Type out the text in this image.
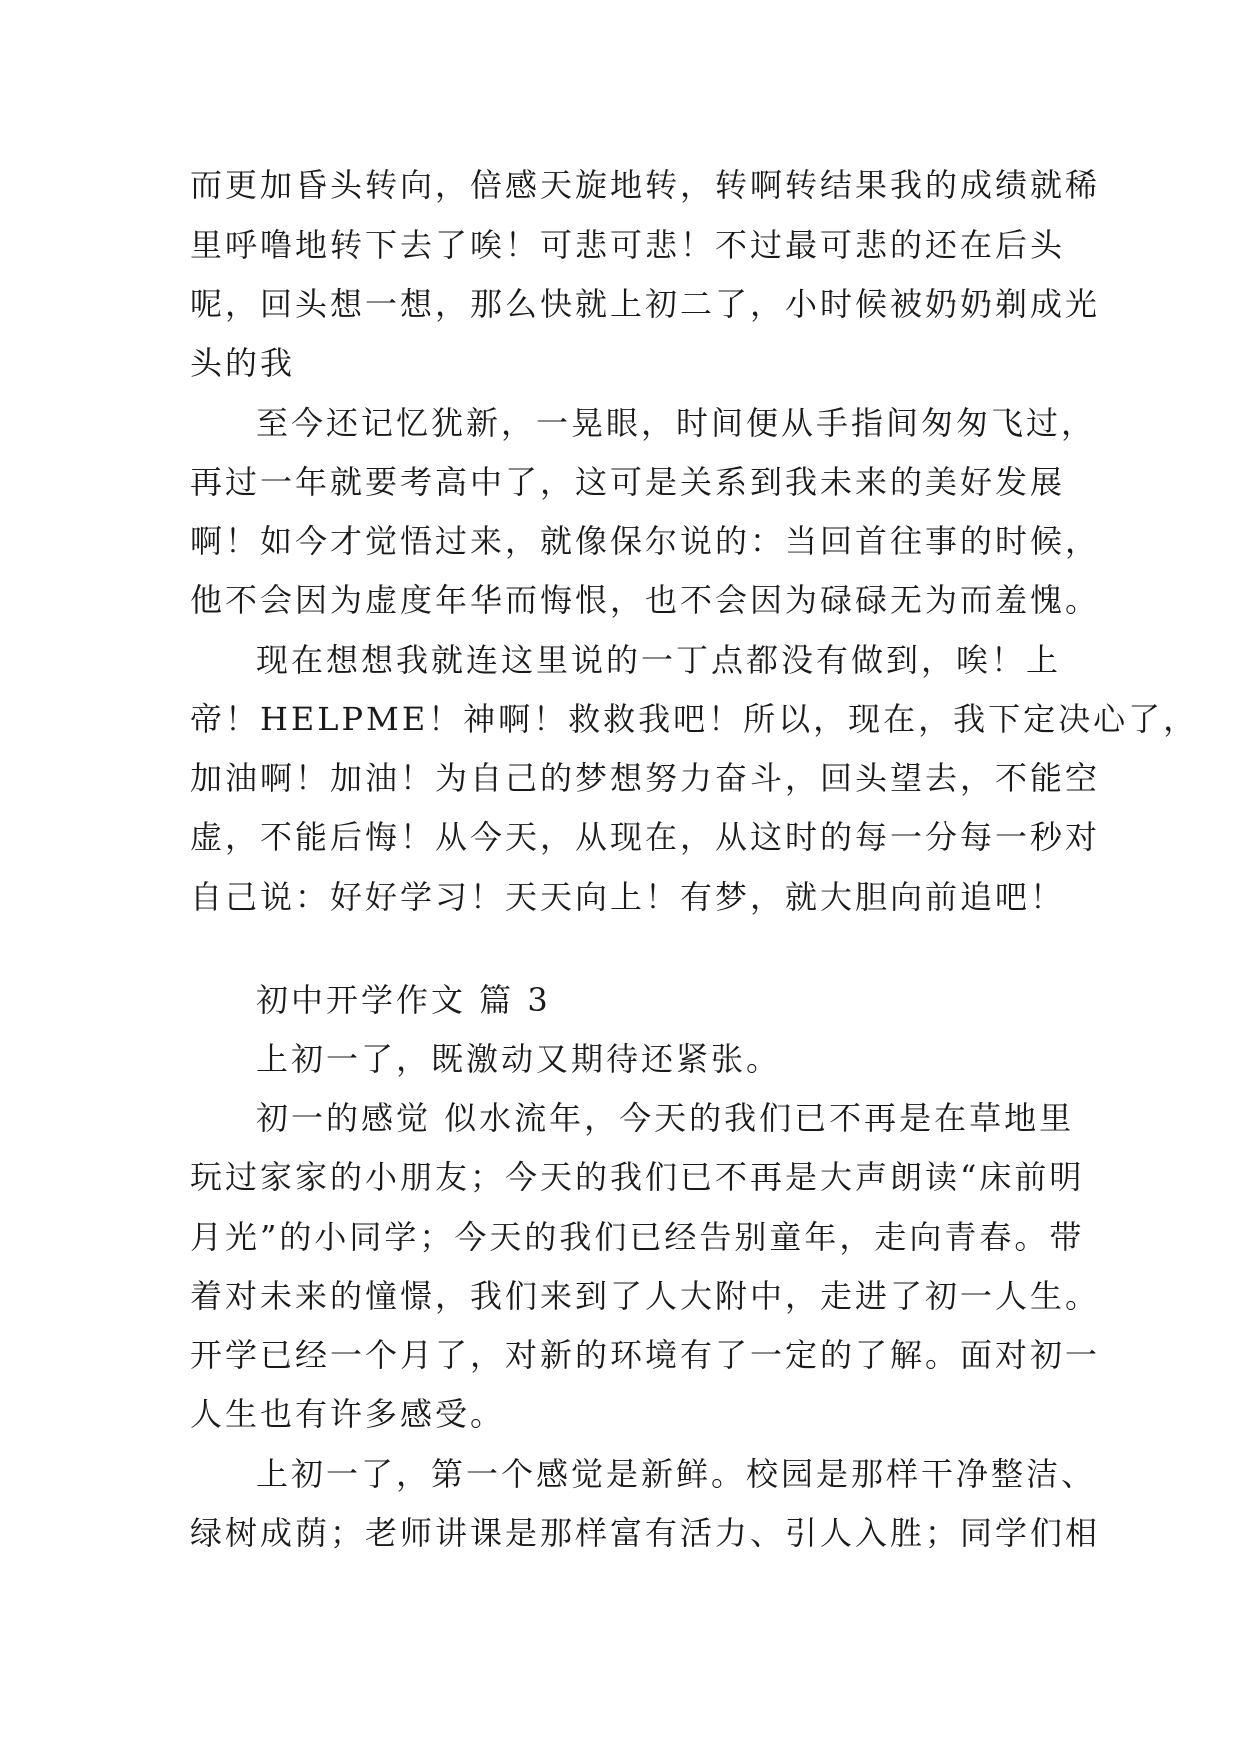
而更加昏头转向，倍感天旋地转，转啊转结果我的成绩就稀
里呼噜地转下去了唉！可悲可悲！不过最可悲的还在后头
呢，回头想一想，那么快就上初二了，小时候被奶奶剃成光
头的我
至今还记忆犹新，一晃眼，时间便从手指间匆匆飞过，
再过一年就要考高中了，这可是关系到我未来的美好发展
啊！如今才觉悟过来，就像保尔说的：当回首往事的时候，
他不会因为虚度年华而悔恨，也不会因为碌碌无为而羞愧。
现在想想我就连这里说的一丁点都没有做到，唉！上
帝！HELPME！神啊！救救我吧！所以，现在，我下定决心了，
加油啊！加油！为自己的梦想努力奋斗，回头望去，不能空
虚，不能后悔！从今天，从现在，从这时的每一分每一秒对
自己说：好好学习！天天向上！有梦，就大胆向前追吧！
初中开学作文 篇 3
上初一了，既激动又期待还紧张。
初一的感觉 似水流年，今天的我们已不再是在草地里
玩过家家的小朋友；今天的我们已不再是大声朗读“床前明
月光”的小同学；今天的我们已经告别童年，走向青春。带
着对未来的憧憬，我们来到了人大附中，走进了初一人生。
开学已经一个月了，对新的环境有了一定的了解。面对初一
人生也有许多感受。
上初一了，第一个感觉是新鲜。校园是那样干净整洁、
绿树成荫；老师讲课是那样富有活力、引人入胜；同学们相
